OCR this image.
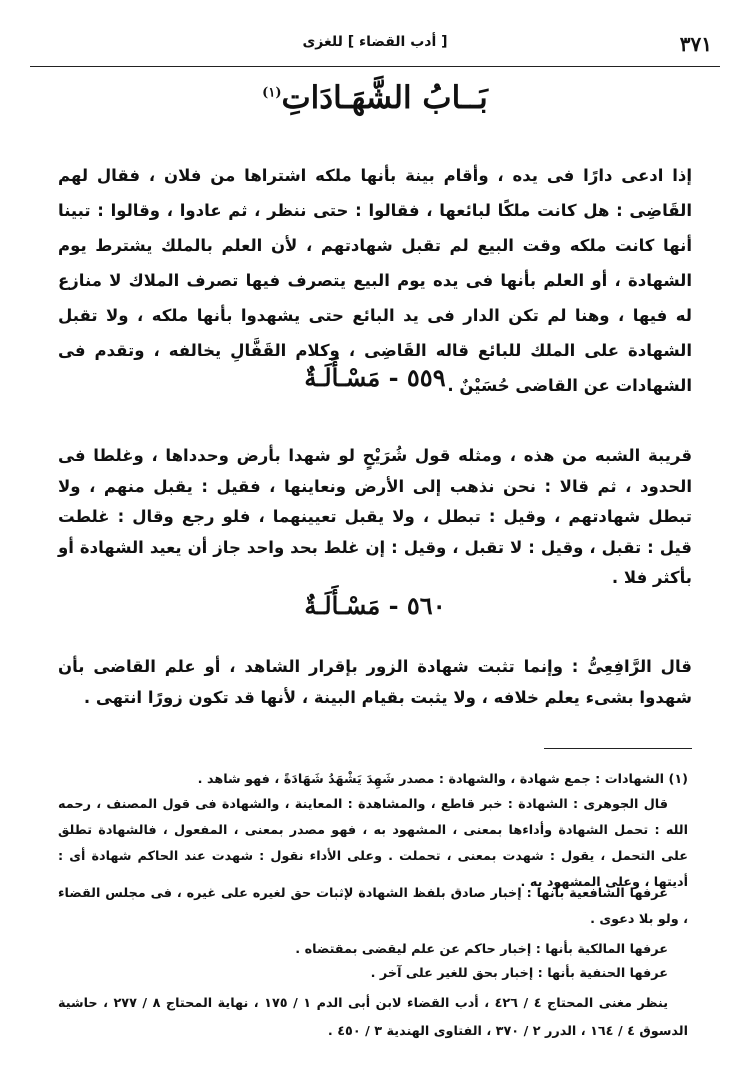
٣٧١
[ أدب القضاء ] للغزى
بَــابُ الشَّهَـادَاتِ$^{(١)}$

إذا ادعى دارًا فى يده ، وأقام بينة بأنها ملكه اشتراها من فلان ، فقال لهم القَاضِى : هل كانت ملكًا لبائعها ، فقالوا : حتى ننظر ، ثم عادوا ، وقالوا : تبينا أنها كانت ملكه وقت البيع لم تقبل شهادتهم ، لأن العلم بالملك يشترط يوم الشهادة ، أو العلم بأنها فى يده يوم البيع يتصرف فيها تصرف الملاك لا منازع له فيها ، وهنا لم تكن الدار فى يد البائع حتى يشهدوا بأنها ملكه ، ولا تقبل الشهادة على الملك للبائع قاله القَاضِى ، وكلام القَفَّالِ يخالفه ، وتقدم فى الشهادات عن القاضى حُسَيْنٌ .

٥٥٩ - مَسْـأَلَـةٌ

قريبة الشبه من هذه ، ومثله قول شُرَيْحٍ لو شهدا بأرض وحدداها ، وغلطا فى الحدود ، ثم قالا : نحن نذهب إلى الأرض ونعاينها ، فقيل : يقبل منهم ، ولا تبطل شهادتهم ، وقيل : تبطل ، ولا يقبل تعيينهما ، فلو رجع وقال : غلطت قيل : تقبل ، وقيل : لا تقبل ، وقيل : إن غلط بحد واحد جاز أن يعيد الشهادة أو بأكثر فلا .

٥٦٠ - مَسْـأَلَـةٌ

قال الرَّافِعِىُّ : وإنما تثبت شهادة الزور بإقرار الشاهد ، أو علم القاضى بأن شهدوا بشىء يعلم خلافه ، ولا يثبت بقيام البينة ، لأنها قد تكون زورًا انتهى .

(١) الشهادات : جمع شهادة ، والشهادة : مصدر شَهِدَ يَشْهَدُ شَهَادَةً ، فهو شاهد .

قال الجوهرى : الشهادة : خبر قاطع ، والمشاهدة : المعاينة ، والشهادة فى قول المصنف ، رحمه الله : تحمل الشهادة وأداءها بمعنى ، المشهود به ، فهو مصدر بمعنى ، المفعول ، فالشهادة تطلق على التحمل ، يقول : شهدت بمعنى ، تحملت . وعلى الأداء نقول : شهدت عند الحاكم شهادة أى : أديتها ، وعلى المشهود به .

عرفها الشافعية بأنها : إخبار صادق بلفظ الشهادة لإثبات حق لغيره على غيره ، فى مجلس القضاء ، ولو بلا دعوى .

عرفها المالكية بأنها : إخبار حاكم عن علم ليقضى بمقتضاه .

عرفها الحنفية بأنها : إخبار بحق للغير على آخر .

ينظر مغنى المحتاج ٤ / ٤٢٦ ، أدب القضاء لابن أبى الدم ١ / ١٧٥ ، نهاية المحتاج ٨ / ٢٧٧ ، حاشية الدسوق ٤ / ١٦٤ ، الدرر ٢ / ٣٧٠ ، الفتاوى الهندية ٣ / ٤٥٠ .
